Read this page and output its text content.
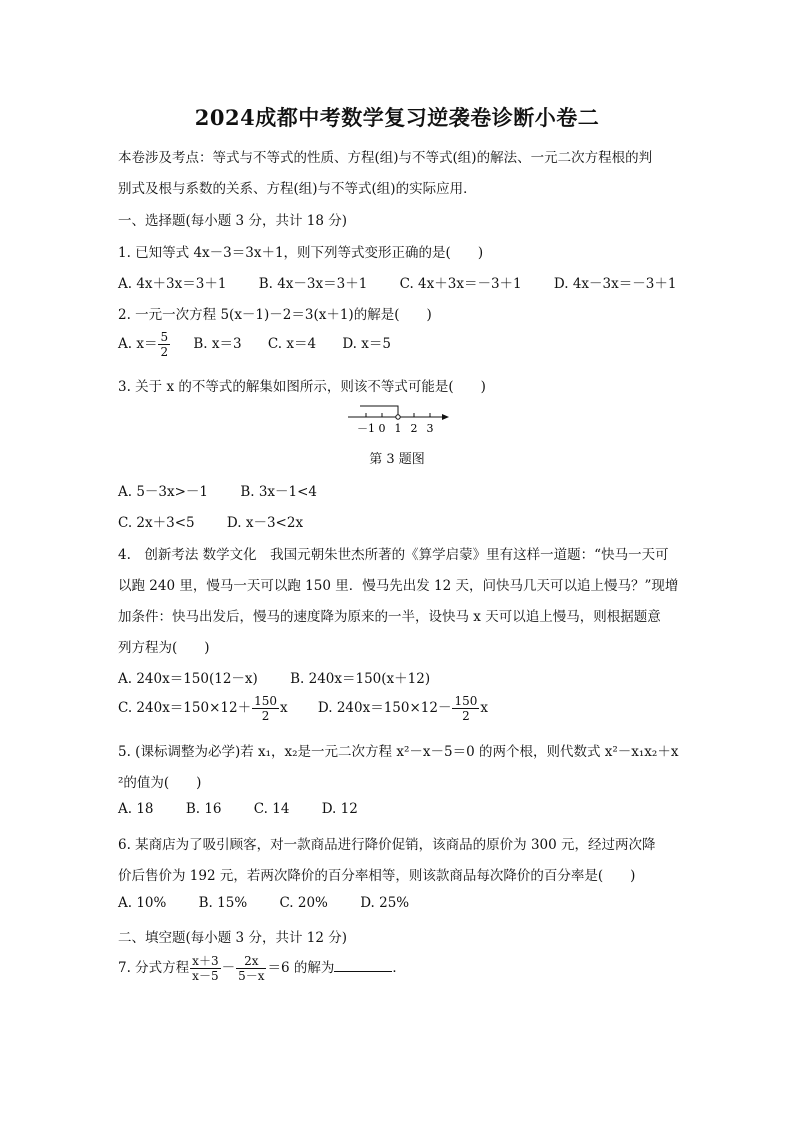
2024成都中考数学复习逆袭卷诊断小卷二
本卷涉及考点：等式与不等式的性质、方程(组)与不等式(组)的解法、一元二次方程根的判
别式及根与系数的关系、方程(组)与不等式(组)的实际应用．
一、选择题(每小题 3 分，共计 18 分)
1. 已知等式 4x－3＝3x＋1，则下列等式变形正确的是(　　)
A. 4x＋3x＝3＋1 B. 4x－3x＝3＋1 C. 4x＋3x＝－3＋1 D. 4x－3x＝－3＋1
2. 一元一次方程 5(x－1)－2＝3(x＋1)的解是(　　)
A. $x= \frac{5}{2} B$. x＝3 C. x＝4 D. x＝5
3. 关于 x 的不等式的解集如图所示，则该不等式可能是(　　)
－1 0 1 2 3
第 3 题图
A. 5－3x>－1 B. 3x－1<4
C. 2x＋3<5 D. x－3<2x
4.　创新考法 数学文化　我国元朝朱世杰所著的《算学启蒙》里有这样一道题：“快马一天可
以跑 240 里，慢马一天可以跑 150 里．慢马先出发 12 天，问快马几天可以追上慢马？”现增
加条件：快马出发后，慢马的速度降为原来的一半，设快马 x 天可以追上慢马，则根据题意
列方程为(　　)
A. 240x＝150(12－x) B. 240x＝150(x＋12)
C. $240x=150\times 12+ \frac{150}{2}$ x D. $240x=150\times 12- \frac{150}{2}$ x
5. (课标调整为必学)若 x₁，x₂是一元二次方程 x²－x－5＝0 的两个根，则代数式 x²－x₁x₂＋x
²的值为(　　)
A. 18 B. 16 C. 14 D. 12
6. 某商店为了吸引顾客，对一款商品进行降价促销，该商品的原价为 300 元，经过两次降
价后售价为 192 元，若两次降价的百分率相等，则该款商品每次降价的百分率是(　　)
A. 10% B. 15% C. 20% D. 25%
二、填空题(每小题 3 分，共计 12 分)
7. 分式方程 $\frac{x+3}{x-5} - \frac{2x}{5-x} =6$ 的解为	．
